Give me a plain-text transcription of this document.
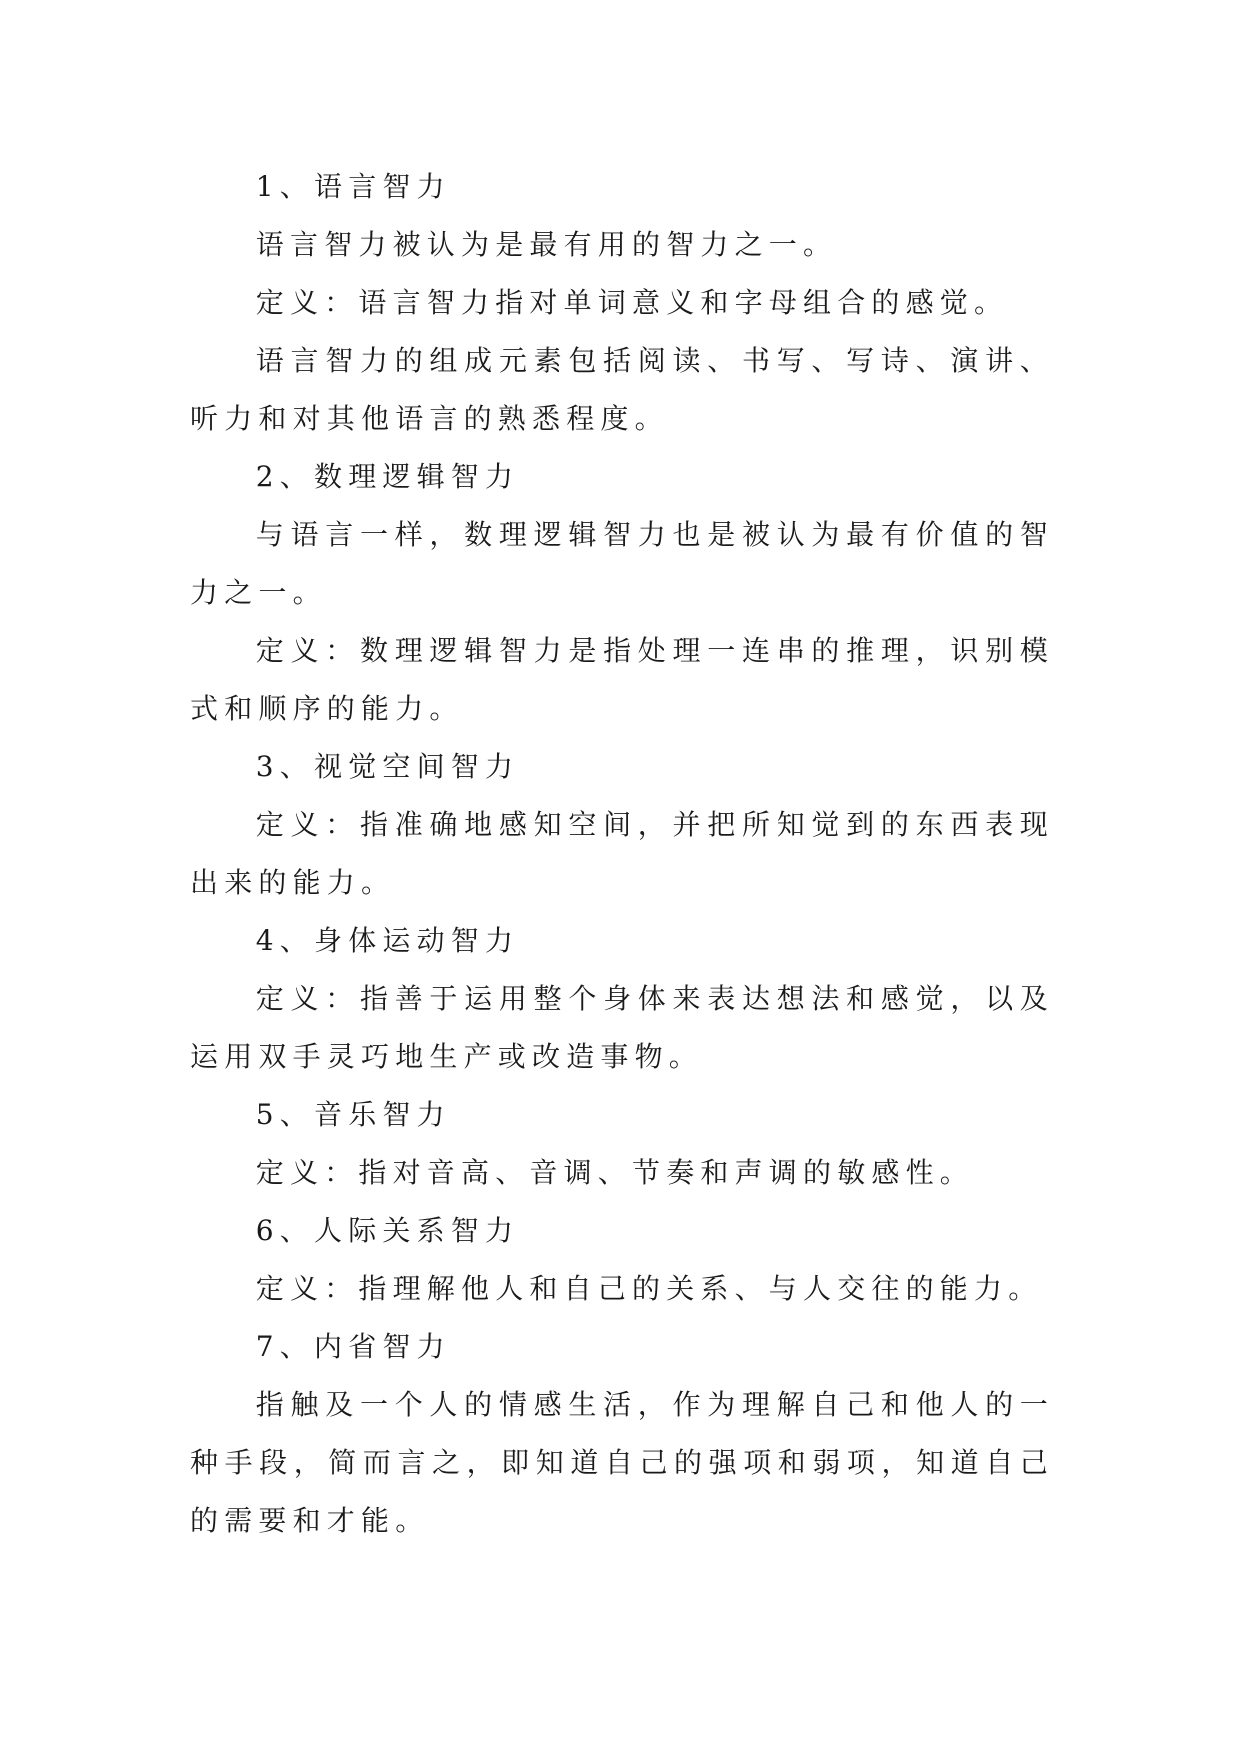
1、语言智力

语言智力被认为是最有用的智力之一。

定义：语言智力指对单词意义和字母组合的感觉。

语言智力的组成元素包括阅读、书写、写诗、演讲、听力和对其他语言的熟悉程度。

2、数理逻辑智力

与语言一样，数理逻辑智力也是被认为最有价值的智力之一。

定义：数理逻辑智力是指处理一连串的推理，识别模式和顺序的能力。

3、视觉空间智力

定义：指准确地感知空间，并把所知觉到的东西表现出来的能力。

4、身体运动智力

定义：指善于运用整个身体来表达想法和感觉，以及运用双手灵巧地生产或改造事物。

5、音乐智力

定义：指对音高、音调、节奏和声调的敏感性。

6、人际关系智力

定义：指理解他人和自己的关系、与人交往的能力。

7、内省智力

指触及一个人的情感生活，作为理解自己和他人的一种手段，简而言之，即知道自己的强项和弱项，知道自己的需要和才能。
